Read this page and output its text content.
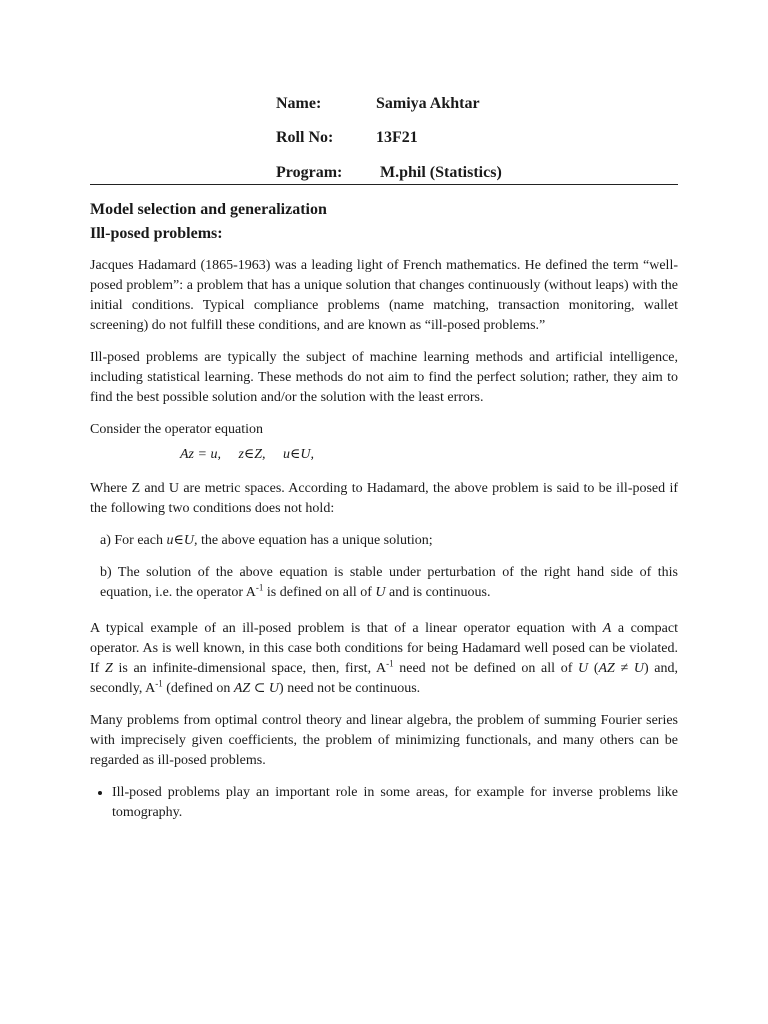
Name:	Samiya Akhtar
Roll No:	13F21
Program: M.phil (Statistics)
Model selection and generalization
Ill-posed problems:

Jacques Hadamard (1865-1963) was a leading light of French mathematics. He defined the term “well-posed problem”: a problem that has a unique solution that changes continuously (without leaps) with the initial conditions. Typical compliance problems (name matching, transaction monitoring, wallet screening) do not fulfill these conditions, and are known as “ill-posed problems.”

Ill-posed problems are typically the subject of machine learning methods and artificial intelligence, including statistical learning. These methods do not aim to find the perfect solution; rather, they aim to find the best possible solution and/or the solution with the least errors.

Consider the operator equation

Az = u,     z∈Z,     u∈U,

Where Z and U are metric spaces. According to Hadamard, the above problem is said to be ill-posed if the following two conditions does not hold:

a) For each u∈U, the above equation has a unique solution;
b) The solution of the above equation is stable under perturbation of the right hand side of this equation, i.e. the operator $A^{-1}$ is defined on all of U and is continuous.

A typical example of an ill-posed problem is that of a linear operator equation with A a compact operator. As is well known, in this case both conditions for being Hadamard well posed can be violated. If Z is an infinite-dimensional space, then, first, $A^{-1}$ need not be defined on all of U (AZ ≠ U) and, secondly, $A^{-1}$ (defined on AZ ⊂ U) need not be continuous.

Many problems from optimal control theory and linear algebra, the problem of summing Fourier series with imprecisely given coefficients, the problem of minimizing functionals, and many others can be regarded as ill-posed problems.

• Ill-posed problems play an important role in some areas, for example for inverse problems like tomography.
